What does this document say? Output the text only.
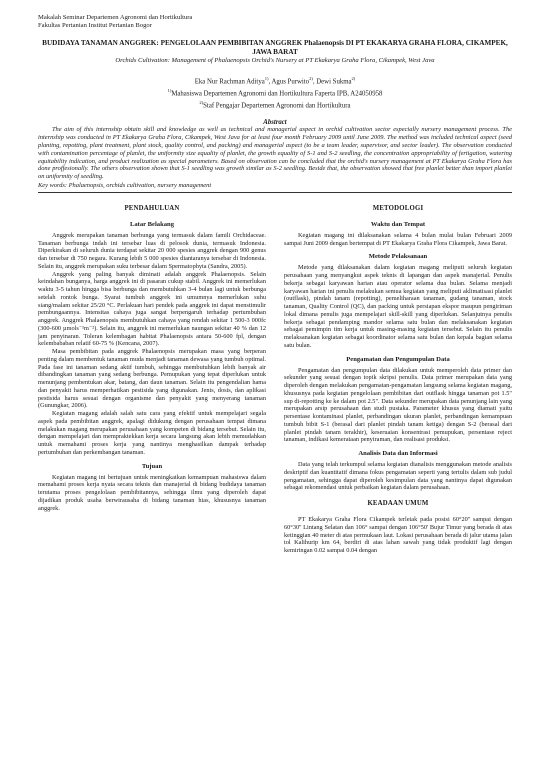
Makalah Seminar Departemen Agronomi dan Hortikultura
Fakultas Pertanian Institut Pertanian Bogor
BUDIDAYA TANAMAN ANGGREK: PENGELOLAAN PEMBIBITAN ANGGREK Phalaenopsis DI PT EKAKARYA GRAHA FLORA, CIKAMPEK, JAWA BARAT
Orchids Cultivation: Management of Phalaenopsis Orchid's Nursery at PT Ekakarya Graha Flora, Cikampek, West Java
Eka Nur Rachman Aditya$^{1)}$, Agus Purwito$^{2)}$, Dewi Sukma$^{2)}$
$^{1)}$Mahasiswa Departemen Agronomi dan Hortikultura Faperta IPB, A24050958
$^{2)}$Staf Pengajar Departemen Agronomi dan Hortikultura
Abstract
The aim of this internship obtain skill and knowledge as well as technical and managerial aspect in orchid cultivation sector especially nursery management process. The internship was conducted in PT Ekakarya Graha Flora, Cikampek, West Java for at least four month February 2009 until June 2009. The method was included technical aspect (seed planting, repotting, plant treatment, plant stock, quality control, and packing) and managerial aspect (to be a team leader, supervisor, and sector leader). The observation conducted with contamination percentage of planlet, the uniformity size equality of planlet, the growth equality of S-1 and S-2 seedling, the concentration appropriability of fertigation, watering equitability indication, and product realization as special parameters. Based on observation can be concluded that the orchid's nursery management at PT Ekakarya Graha Flora has done proffesionally. The others observation shown that S-1 seedling was growth similar as S-2 seedling. Beside that, the observation showed that free planlet better than import planlet on uniformity of seedling.
Key words: Phalaenopsis, orchids cultivation, nursery management
PENDAHULUAN
Latar Belakang

Anggrek merupakan tanaman berbunga yang termasuk dalam famili Orchidaceae. Tanaman berbunga indah ini tersebar luas di pelosok dunia, termasuk Indonesia. Diperkirakan di seluruh dunia terdapat sekitar 20 000 spesies anggrek dengan 900 genus dan tersebar di 750 negara. Kurang lebih 5 000 spesies diantaranya tersebar di Indonesia. Selain itu, anggrek merupakan suku terbesar dalam Spermatophyta (Sandra, 2005).

Anggrek yang paling banyak diminati adalah anggrek Phalaenopsis. Selain keindahan bunganya, harga anggrek ini di pasaran cukup stabil. Anggrek ini memerlukan waktu 3-5 tahun hingga bisa berbunga dan membutuhkan 3-4 bulan lagi untuk berbunga setelah rontok bunga. Syarat tumbuh anggrek ini umumnya memerlukan suhu siang/malam sekitar 25/20 °C. Perlakuan hari pendek pada anggrek ini dapat menstimulir pembungaannya. Intensitas cahaya juga sangat berpengaruh terhadap pertumbuhan anggrek. Anggrek Phalaenopsis membutuhkan cahaya yang rendah sekitar 1 500-3 000fc (300-600 µmols⁻¹m⁻²). Selain itu, anggrek ini memerlukan naungan sekitar 40 % dan 12 jam penyinaran. Toleran kelembagan habitat Phalaenopsis antara 50-600 fpl, dengan kelembababan relatif 60-75 % (Kencana, 2007).

Masa pembibitan pada anggrek Phalaenopsis merupakan masa yang berperan penting dalam membentuk tanaman muda menjadi tanaman dewasa yang tumbuh optimal. Pada fase ini tanaman sedang aktif tumbuh, sehingga membutuhkan lebih banyak air dibandingkan tanaman yang sedang berbunga. Pemupukan yang tepat diperlukan untuk menunjang pembentukan akar, batang, dan daun tanaman. Selain itu pengendalian hama dan penyakit harus memperhatikan pestisida yang digunakan. Jenis, dosis, dan aplikasi pestisida harus sesuai dengan organisme dan penyakit yang menyerang tanaman (Gunungkar, 2006).

Kegiatan magang adalah salah satu cara yang efektif untuk mempelajari segala aspek pada pembibitan anggrek, apalagi didukung dengan perusahaan tempat dimana melakukan magang merupakan perusahaan yang kompeten di bidang tersebut. Selain itu, dengan mempelajari dan mempraktekkan kerja secara langsung akan lebih memudahkan untuk memahami proses kerja yang nantinya menghasilkan dampak terhadap pertumbuhan dan perkembangan tanaman.

Tujuan

Kegiatan magang ini bertujuan untuk meningkatkan kemampuan mahasiswa dalam memahami proses kerja nyata secara teknis dan manajerial di bidang budidaya tanaman terutama proses pengelolaan pembibitannya, sehingga ilmu yang diperoleh dapat dijadikan produk usaha berwirausaha di bidang tanaman hias, khususnya tanaman anggrek.

METODOLOGI
Waktu dan Tempat

Kegiatan magang ini dilaksanakan selama 4 bulan mulai bulan Februari 2009 sampai Juni 2009 dengan bertempat di PT Ekakarya Graha Flora Cikampek, Jawa Barat.

Metode Pelaksanaan

Metode yang dilaksanakan dalam kegiatan magang meliputi seluruh kegiatan perusahaan yang menyangkut aspek teknis di lapangan dan aspek manajerial. Penulis bekerja sebagai karyawan harian atau operator selama dua bulan. Selama menjadi karyawan harian ini penulis melakukan semua kegiatan yang meliputi aklimatisasi planlet (outflask), pindah tanam (repotting), pemeliharaan tanaman, gudang tanaman, stock tanaman, Quality Control (QC), dan packing untuk persiapan ekspor maupun pengiriman lokal dimana penulis juga mempelajari skill-skill yang diperlukan. Selanjutnya penulis bekerja sebagai pendamping mandor selama satu bulan dan melaksanakan kegiatan sebagai pemimpin tim kerja untuk masing-masing kegiatan tersebut. Selain itu penulis melaksanakan kegiatan sebagai koordinator selama satu bulan dan kepala bagian selama satu bulan.

Pengamatan dan Pengumpulan Data

Pengamatan dan pengumpulan data dilakukan untuk memperoleh data primer dan sekunder yang sesuai dengan topik skripsi penulis. Data primer merupakan data yang diperoleh dengan melakukan pengamatan-pengamatan langsung selama kegiatan magang, khususnya pada kegiatan pengelolaan pembibitan dari outflask hingga tanaman pot 1.5" sup di-repotting ke ke dalam pot 2.5". Data sekunder merupakan data penunjang lain yang merupakan arsip perusahaan dan studi pustaka. Parameter khusus yang diamati yaitu persentase kontaminasi planlet, perbandingan ukuran planlet, perbandingan kemampuan tumbuh bibit S-1 (berasal dari planlet pindah tanam ketiga) dengan S-2 (berasal dari planlet pindah tanam terakhir), keseruaian konsentrasi pemupukan, persentase reject tanaman, indikasi kemerataan penyiraman, dan realisasi produksi.

Analisis Data dan Informasi

Data yang telah terkumpul selama kegiatan dianalisis menggunakan metode analisis deskriptif dan kuantitatif dimana fokus pengamatan seperti yang tertulis dalam sub judul pengamatan, sehingga dapat diperoleh kesimpulan data yang nantinya dapat digunakan sebagai rekomendasi untuk perbaikan kegiatan dalam perusahaan.

KEADAAN UMUM

PT Ekakarya Graha Flora Cikampek terletak pada posisi 60°20'' sampai dengan 60°30'' Lintang Selatan dan 106° sampai dengan 106°50' Bujur Timur yang berada di atas ketinggian 40 meter di atas permukaan laut. Lokasi perusahaan berada di jalur utama jalan tol Kalihurip km 64, berdiri di atas lahan sawah yang tidak produktif lagi dengan kemiringan 0.02 sampai 0.04 dengan
